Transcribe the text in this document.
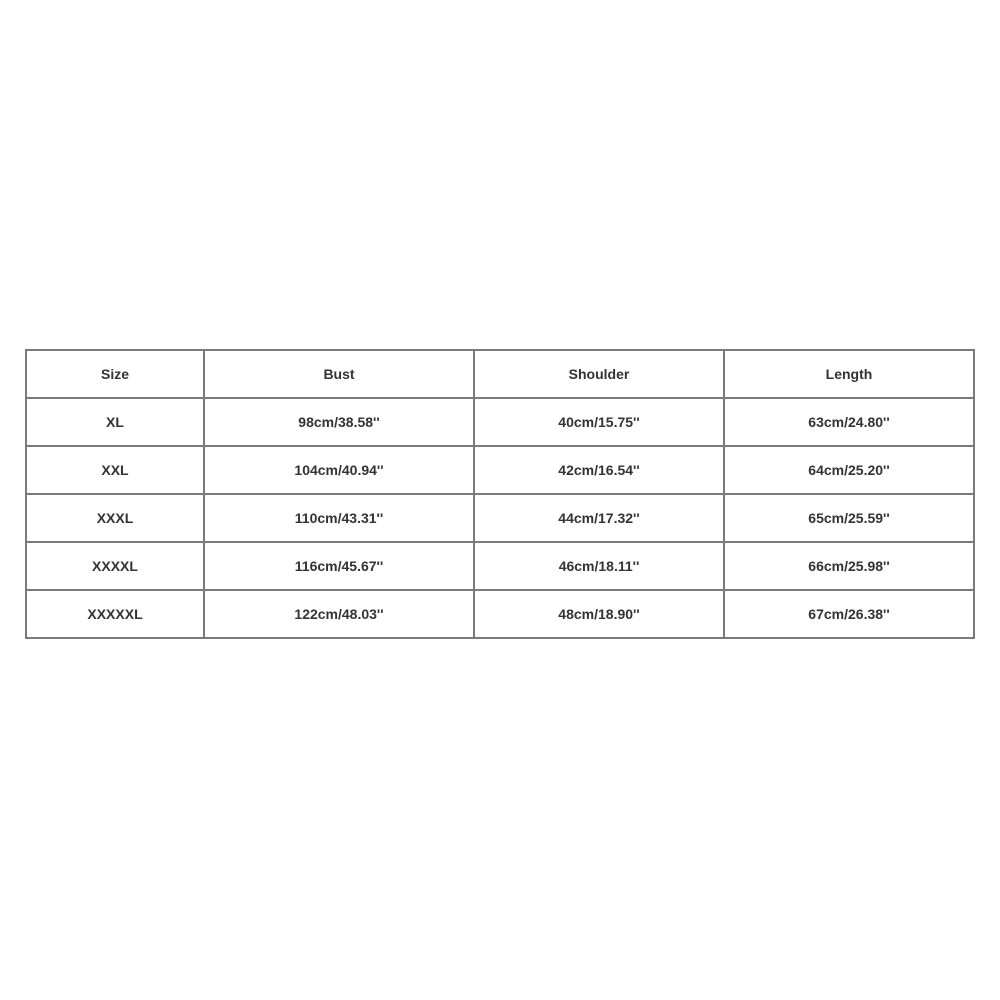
Size	Bust	Shoulder	Length
XL	98cm/38.58''	40cm/15.75''	63cm/24.80''
XXL	104cm/40.94''	42cm/16.54''	64cm/25.20''
XXXL	110cm/43.31''	44cm/17.32''	65cm/25.59''
XXXXL	116cm/45.67''	46cm/18.11''	66cm/25.98''
XXXXXL	122cm/48.03''	48cm/18.90''	67cm/26.38''
